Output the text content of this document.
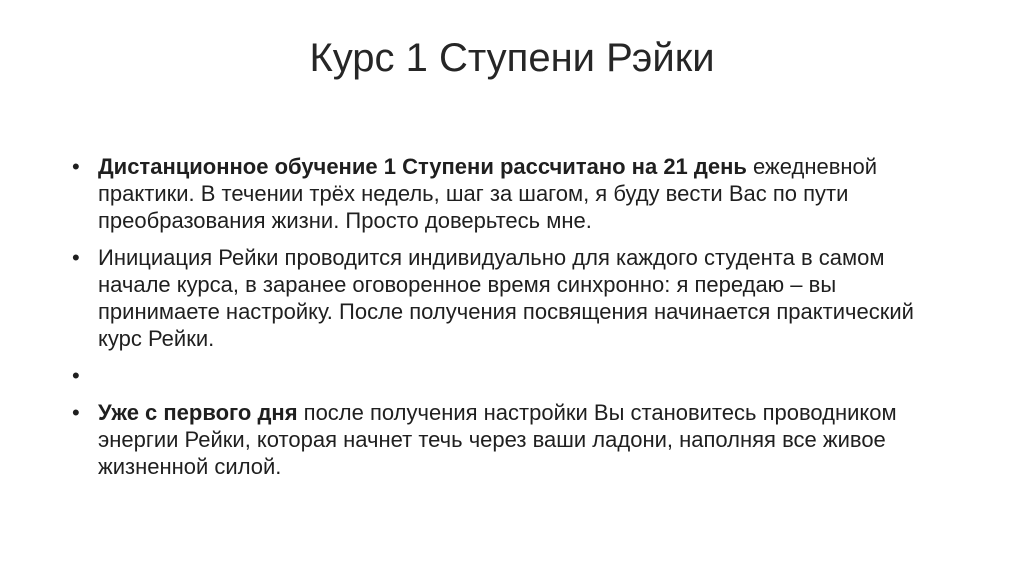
Курс 1 Ступени Рэйки
•
Дистанционное обучение 1 Ступени рассчитано на 21 день ежедневной практики. В течении трёх недель, шаг за шагом, я буду вести Вас по пути преобразования жизни. Просто доверьтесь мне.
•
Инициация Рейки проводится индивидуально для каждого студента в самом начале курса, в заранее оговоренное время синхронно: я передаю – вы принимаете настройку. После получения посвящения начинается практический курс Рейки.
•
•
Уже с первого дня после получения настройки Вы становитесь проводником энергии Рейки, которая начнет течь через ваши ладони, наполняя все живое жизненной силой.
